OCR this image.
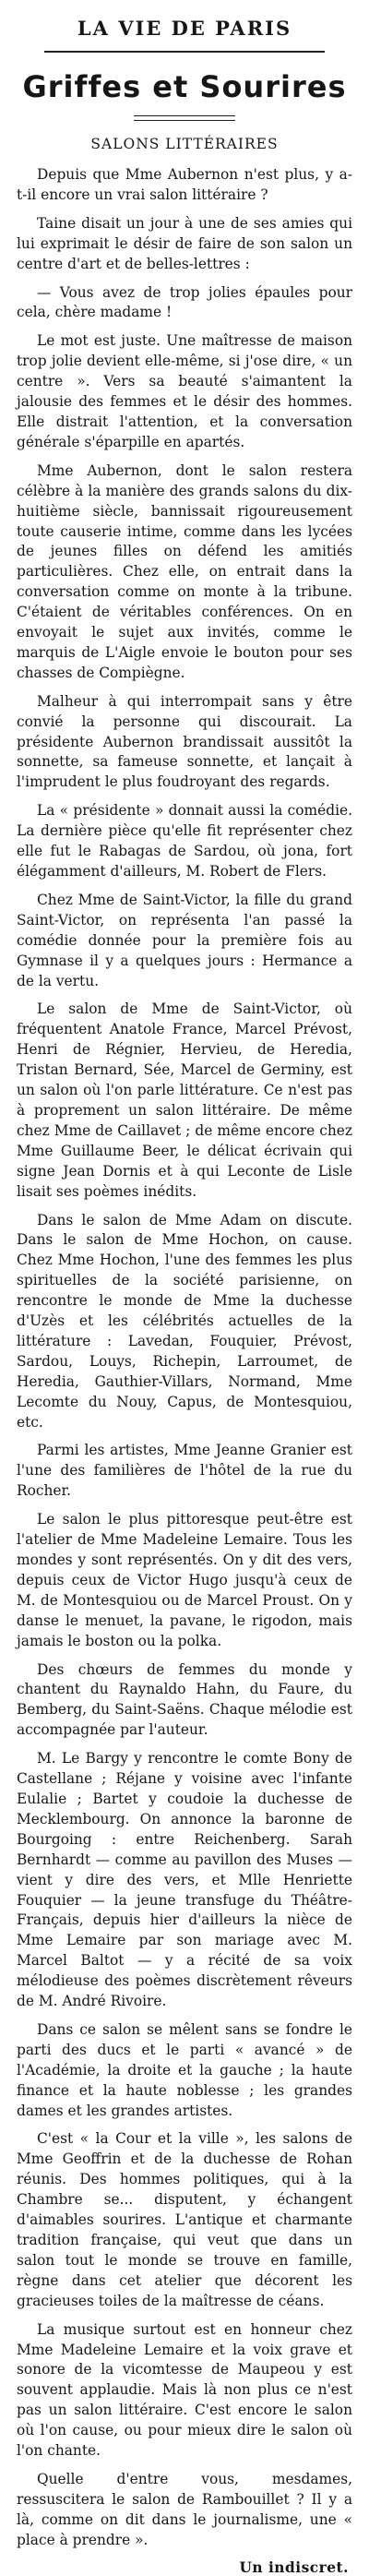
LA VIE DE PARIS
Griffes et Sourires
SALONS LITTÉRAIRES

Depuis que Mme Aubernon n'est plus, y a-t-il encore un vrai salon littéraire ?

Taine disait un jour à une de ses amies qui lui exprimait le désir de faire de son salon un centre d'art et de belles-lettres :

— Vous avez de trop jolies épaules pour cela, chère madame !

Le mot est juste. Une maîtresse de maison trop jolie devient elle-même, si j'ose dire, « un centre ». Vers sa beauté s'aimantent la jalousie des femmes et le désir des hommes. Elle distrait l'attention, et la conversation générale s'éparpille en apartés.

Mme Aubernon, dont le salon restera célèbre à la manière des grands salons du dix-huitième siècle, bannissait rigoureusement toute causerie intime, comme dans les lycées de jeunes filles on défend les amitiés particulières. Chez elle, on entrait dans la conversation comme on monte à la tribune. C'étaient de véritables conférences. On en envoyait le sujet aux invités, comme le marquis de L'Aigle envoie le bouton pour ses chasses de Compiègne.

Malheur à qui interrompait sans y être convié la personne qui discourait. La présidente Aubernon brandissait aussitôt la sonnette, sa fameuse sonnette, et lançait à l'imprudent le plus foudroyant des regards.

La « présidente » donnait aussi la comédie. La dernière pièce qu'elle fit représenter chez elle fut le Rabagas de Sardou, où jona, fort élégamment d'ailleurs, M. Robert de Flers.

Chez Mme de Saint-Victor, la fille du grand Saint-Victor, on représenta l'an passé la comédie donnée pour la première fois au Gymnase il y a quelques jours : Hermance a de la vertu.

Le salon de Mme de Saint-Victor, où fréquentent Anatole France, Marcel Prévost, Henri de Régnier, Hervieu, de Heredia, Tristan Bernard, Sée, Marcel de Germiny, est un salon où l'on parle littérature. Ce n'est pas à proprement un salon littéraire. De même chez Mme de Caillavet ; de même encore chez Mme Guillaume Beer, le délicat écrivain qui signe Jean Dornis et à qui Leconte de Lisle lisait ses poèmes inédits.

Dans le salon de Mme Adam on discute. Dans le salon de Mme Hochon, on cause. Chez Mme Hochon, l'une des femmes les plus spirituelles de la société parisienne, on rencontre le monde de Mme la duchesse d'Uzès et les célébrités actuelles de la littérature : Lavedan, Fouquier, Prévost, Sardou, Louys, Richepin, Larroumet, de Heredia, Gauthier-Villars, Normand, Mme Lecomte du Nouy, Capus, de Montesquiou, etc.

Parmi les artistes, Mme Jeanne Granier est l'une des familières de l'hôtel de la rue du Rocher.

Le salon le plus pittoresque peut-être est l'atelier de Mme Madeleine Lemaire. Tous les mondes y sont représentés. On y dit des vers, depuis ceux de Victor Hugo jusqu'à ceux de M. de Montesquiou ou de Marcel Proust. On y danse le menuet, la pavane, le rigodon, mais jamais le boston ou la polka.

Des chœurs de femmes du monde y chantent du Raynaldo Hahn, du Faure, du Bemberg, du Saint-Saëns. Chaque mélodie est accompagnée par l'auteur.

M. Le Bargy y rencontre le comte Bony de Castellane ; Réjane y voisine avec l'infante Eulalie ; Bartet y coudoie la duchesse de Mecklembourg. On annonce la baronne de Bourgoing : entre Reichenberg. Sarah Bernhardt — comme au pavillon des Muses — vient y dire des vers, et Mlle Henriette Fouquier — la jeune transfuge du Théâtre-Français, depuis hier d'ailleurs la nièce de Mme Lemaire par son mariage avec M. Marcel Baltot — y a récité de sa voix mélodieuse des poèmes discrètement rêveurs de M. André Rivoire.

Dans ce salon se mêlent sans se fondre le parti des ducs et le parti « avancé » de l'Académie, la droite et la gauche ; la haute finance et la haute noblesse ; les grandes dames et les grandes artistes.

C'est « la Cour et la ville », les salons de Mme Geoffrin et de la duchesse de Rohan réunis. Des hommes politiques, qui à la Chambre se... disputent, y échangent d'aimables sourires. L'antique et charmante tradition française, qui veut que dans un salon tout le monde se trouve en famille, règne dans cet atelier que décorent les gracieuses toiles de la maîtresse de céans.

La musique surtout est en honneur chez Mme Madeleine Lemaire et la voix grave et sonore de la vicomtesse de Maupeou y est souvent applaudie. Mais là non plus ce n'est pas un salon littéraire. C'est encore le salon où l'on cause, ou pour mieux dire le salon où l'on chante.

Quelle d'entre vous, mesdames, ressuscitera le salon de Rambouillet ? Il y a là, comme on dit dans le journalisme, une « place à prendre ».

Un indiscret.
